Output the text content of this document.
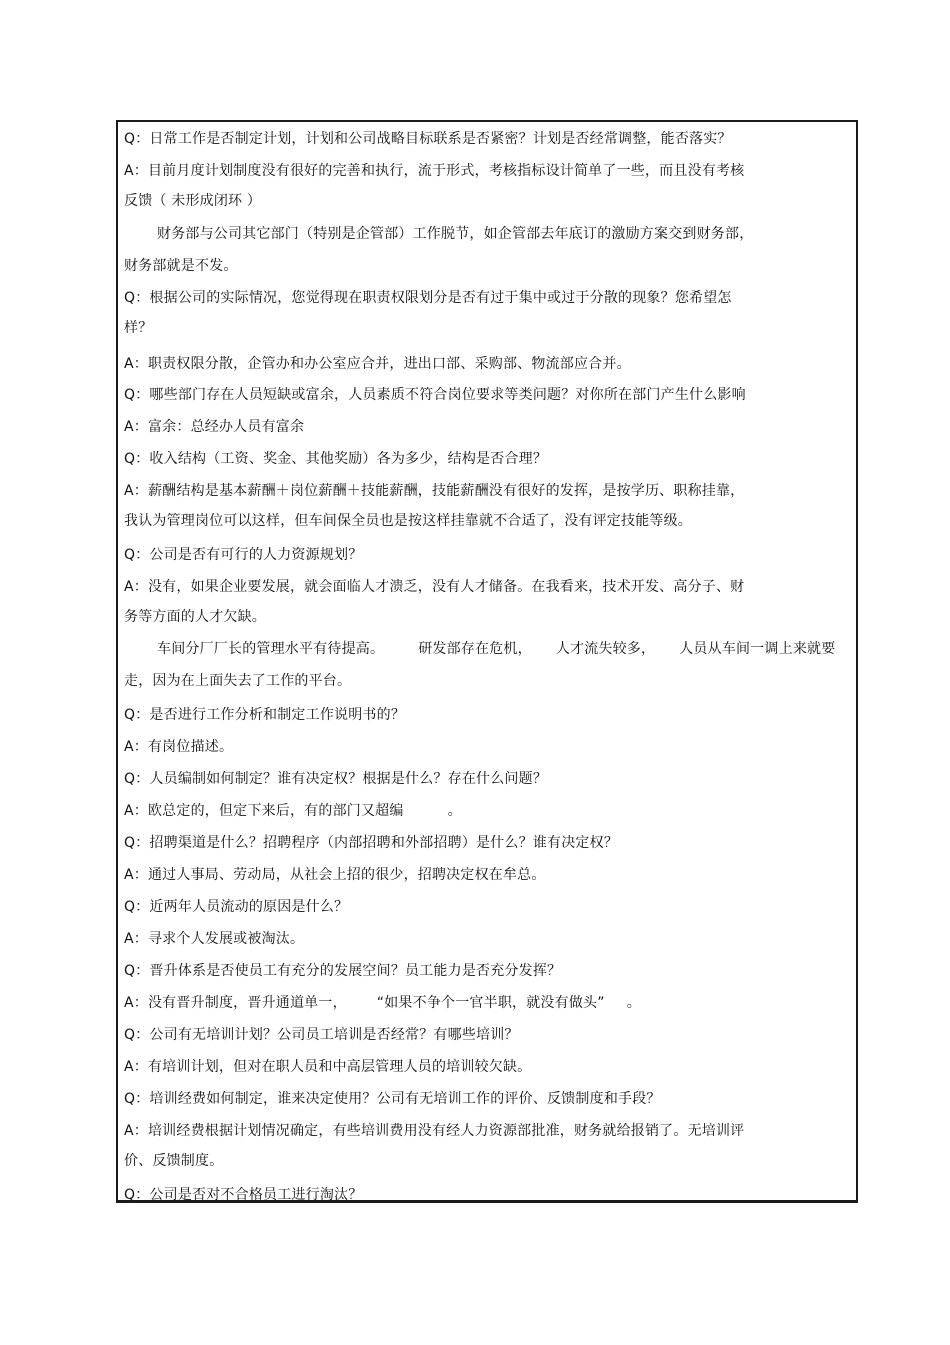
Q：日常工作是否制定计划，计划和公司战略目标联系是否紧密？计划是否经常调整，能否落实？
A：目前月度计划制度没有很好的完善和执行，流于形式，考核指标设计简单了一些，而且没有考核
反馈（ 未形成闭环 ）
财务部与公司其它部门（特别是企管部）工作脱节，如企管部去年底订的激励方案交到财务部，
财务部就是不发。
Q：根据公司的实际情况，您觉得现在职责权限划分是否有过于集中或过于分散的现象？您希望怎
样？
A：职责权限分散，企管办和办公室应合并，进出口部、采购部、物流部应合并。
Q：哪些部门存在人员短缺或富余，人员素质不符合岗位要求等类问题？对你所在部门产生什么影响
A：富余：总经办人员有富余
Q：收入结构（工资、奖金、其他奖励）各为多少，结构是否合理？
A：薪酬结构是基本薪酬＋岗位薪酬＋技能薪酬，技能薪酬没有很好的发挥，是按学历、职称挂靠，
我认为管理岗位可以这样，但车间保全员也是按这样挂靠就不合适了，没有评定技能等级。
Q：公司是否有可行的人力资源规划？
A：没有，如果企业要发展，就会面临人才溃乏，没有人才储备。在我看来，技术开发、高分子、财
务等方面的人才欠缺。
车间分厂厂长的管理水平有待提高。 研发部存在危机， 人才流失较多， 人员从车间一调上来就要
走，因为在上面失去了工作的平台。
Q：是否进行工作分析和制定工作说明书的？
A：有岗位描述。
Q：人员编制如何制定？谁有决定权？根据是什么？存在什么问题？
A：欧总定的，但定下来后，有的部门又超编	。
Q：招聘渠道是什么？招聘程序（内部招聘和外部招聘）是什么？谁有决定权？
A：通过人事局、劳动局，从社会上招的很少，招聘决定权在牟总。
Q：近两年人员流动的原因是什么？
A：寻求个人发展或被淘汰。
Q：晋升体系是否使员工有充分的发展空间？员工能力是否充分发挥？
A：没有晋升制度，晋升通道单一， “如果不争个一官半职，就没有做头” 。
Q：公司有无培训计划？公司员工培训是否经常？有哪些培训？
A：有培训计划，但对在职人员和中高层管理人员的培训较欠缺。
Q：培训经费如何制定，谁来决定使用？公司有无培训工作的评价、反馈制度和手段？
A：培训经费根据计划情况确定，有些培训费用没有经人力资源部批准，财务就给报销了。无培训评
价、反馈制度。
Q：公司是否对不合格员工进行淘汰？
